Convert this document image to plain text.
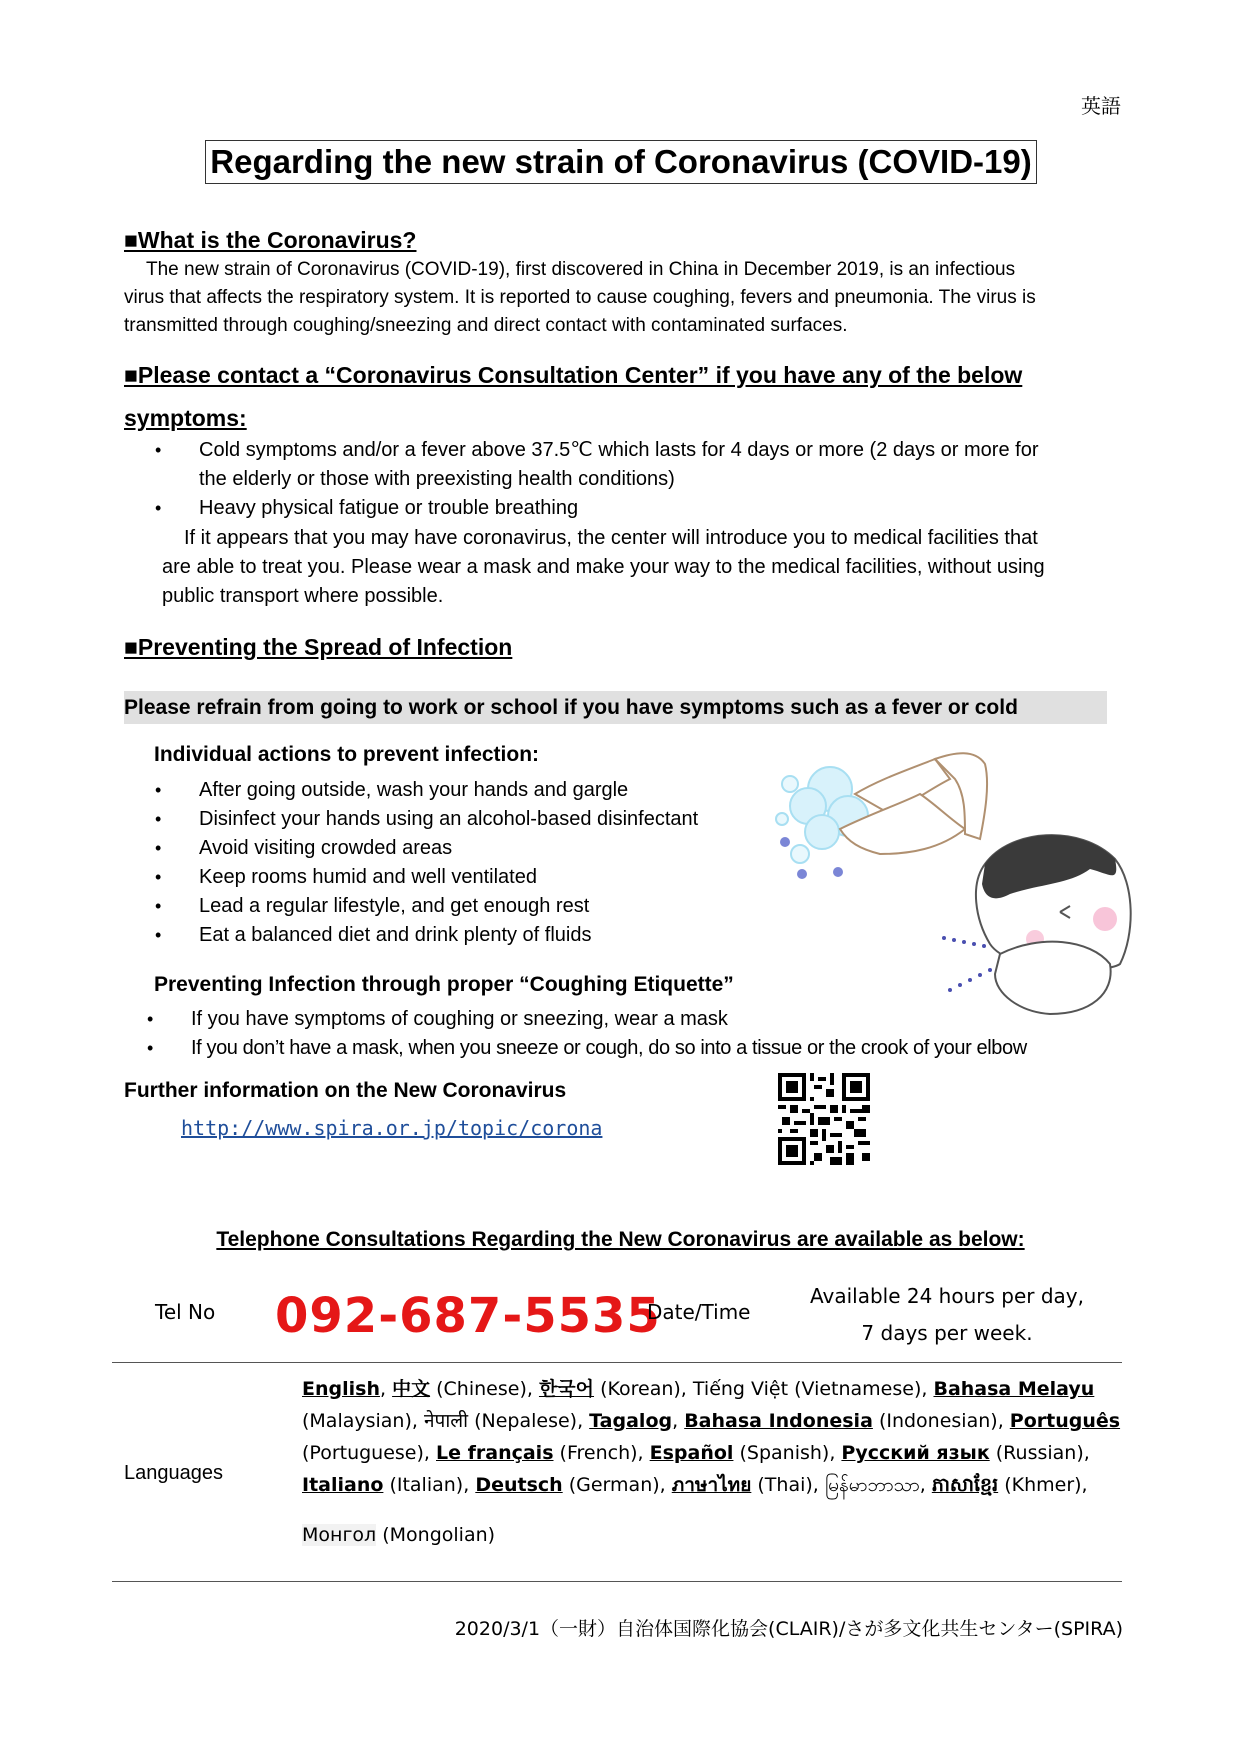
英語
Regarding the new strain of Coronavirus (COVID-19)
■What is the Coronavirus?
The new strain of Coronavirus (COVID-19), first discovered in China in December 2019, is an infectious
virus that affects the respiratory system. It is reported to cause coughing, fevers and pneumonia. The virus is
transmitted through coughing/sneezing and direct contact with contaminated surfaces.
■Please contact a “Coronavirus Consultation Center” if you have any of the below
symptoms:
• Cold symptoms and/or a fever above 37.5℃ which lasts for 4 days or more (2 days or more for
the elderly or those with preexisting health conditions)
• Heavy physical fatigue or trouble breathing
If it appears that you may have coronavirus, the center will introduce you to medical facilities that
are able to treat you. Please wear a mask and make your way to the medical facilities, without using
public transport where possible.
■Preventing the Spread of Infection
Please refrain from going to work or school if you have symptoms such as a fever or cold
Individual actions to prevent infection:
• After going outside, wash your hands and gargle
• Disinfect your hands using an alcohol-based disinfectant
• Avoid visiting crowded areas
• Keep rooms humid and well ventilated
• Lead a regular lifestyle, and get enough rest
• Eat a balanced diet and drink plenty of fluids
Preventing Infection through proper “Coughing Etiquette”
• If you have symptoms of coughing or sneezing, wear a mask
• If you don’t have a mask, when you sneeze or cough, do so into a tissue or the crook of your elbow
Further information on the New Coronavirus
http://www.spira.or.jp/topic/corona
Telephone Consultations Regarding the New Coronavirus are available as below:
Tel No 092-687-5535
Date/Time
Available 24 hours per day,
7 days per week.
Languages
English, 中文 (Chinese), 한국어 (Korean), Tiếng Việt (Vietnamese), Bahasa Melayu
(Malaysian), नेपाली (Nepalese), Tagalog, Bahasa Indonesia (Indonesian), Português
(Portuguese), Le français (French), Español (Spanish), Русский язык (Russian),
Italiano (Italian), Deutsch (German), ภาษาไทย (Thai), မြန်မာဘာသာ, ភាសាខ្មែរ (Khmer),
Монгол (Mongolian)
2020/3/1（一財）自治体国際化協会(CLAIR)/さが多文化共生センター(SPIRA)
